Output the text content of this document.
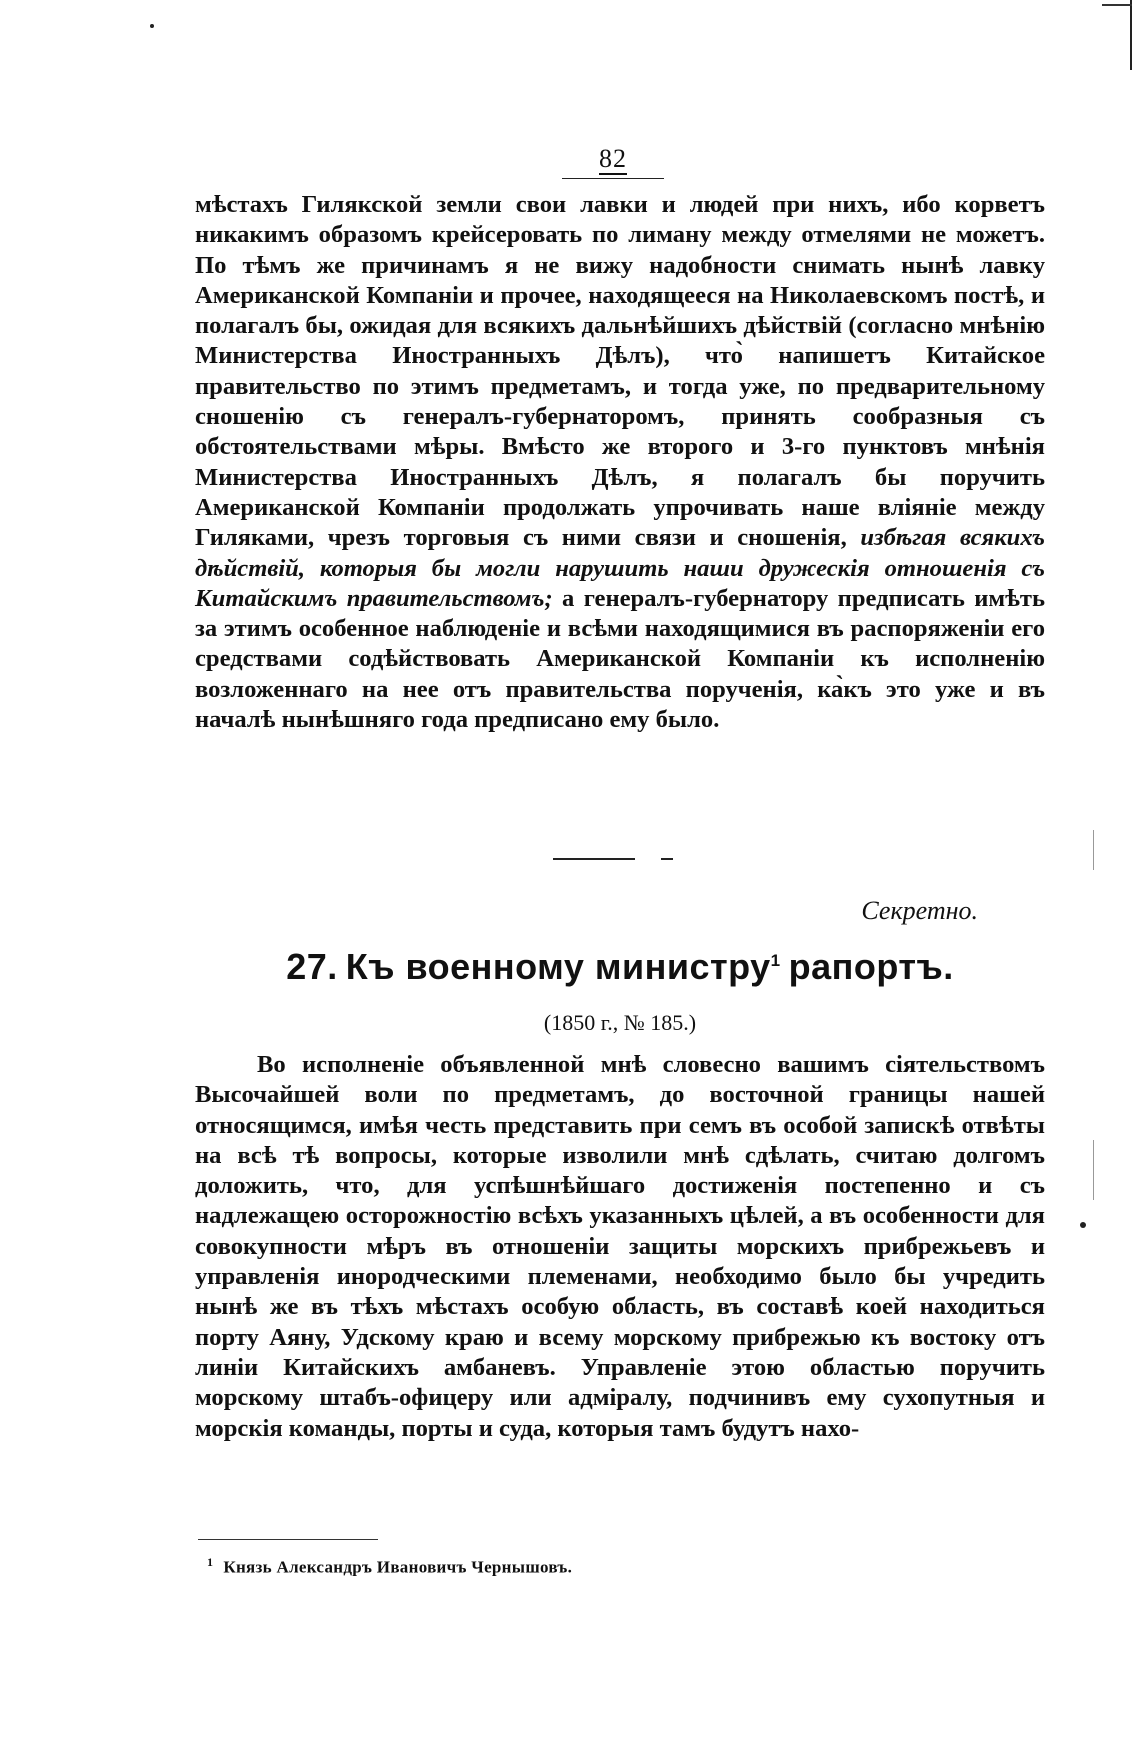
82

мѣстахъ Гилякской земли свои лавки и людей при нихъ, ибо корветъ никакимъ образомъ крейсеровать по лиману между отмелями не можетъ. По тѣмъ же причинамъ я не вижу надобности снимать нынѣ лавку Американской Компаніи и прочее, находящееся на Николаевскомъ постѣ, и полагалъ бы, ожидая для всякихъ дальнѣйшихъ дѣйствій (согласно мнѣнію Министерства Иностранныхъ Дѣлъ), что̀ напишетъ Китайское правительство по этимъ предметамъ, и тогда уже, по предварительному сношенію съ генералъ-губернаторомъ, принять сообразныя съ обстоятельствами мѣры. Вмѣсто же второго и 3-го пунктовъ мнѣнія Министерства Иностранныхъ Дѣлъ, я полагалъ бы поручить Американской Компаніи продолжать упрочивать наше вліяніе между Гиляками, чрезъ торговыя съ ними связи и сношенія, избѣгая всякихъ дѣйствій, которыя бы могли нарушить наши дружескія отношенія съ Китайскимъ правительствомъ; а генералъ-губернатору предписать имѣть за этимъ особенное наблюденіе и всѣми находящимися въ распоряженіи его средствами содѣйствовать Американской Компаніи къ исполненію возложеннаго на нее отъ правительства порученія, ка̀къ это уже и въ началѣ нынѣшняго года предписано ему было.

Секретно.
27. Къ военному министру$^1$ рапортъ.
(1850 г., № 185.)

Во исполненіе объявленной мнѣ словесно вашимъ сіятельствомъ Высочайшей воли по предметамъ, до восточной границы нашей относящимся, имѣя честь представить при семъ въ особой запискѣ отвѣты на всѣ тѣ вопросы, которые изволили мнѣ сдѣлать, считаю долгомъ доложить, что, для успѣшнѣйшаго достиженія постепенно и съ надлежащею осторожностію всѣхъ указанныхъ цѣлей, а въ особенности для совокупности мѣръ въ отношеніи защиты морскихъ прибрежьевъ и управленія инородческими племенами, необходимо было бы учредить нынѣ же въ тѣхъ мѣстахъ особую область, въ составѣ коей находиться порту Аяну, Удскому краю и всему морскому прибрежью къ востоку отъ линіи Китайскихъ амбаневъ. Управленіе этою областью поручить морскому штабъ-офицеру или адміралу, подчинивъ ему сухопутныя и морскія команды, порты и суда, которыя тамъ будутъ нахо-

$^1$ Князь Александръ Ивановичъ Чернышовъ.
